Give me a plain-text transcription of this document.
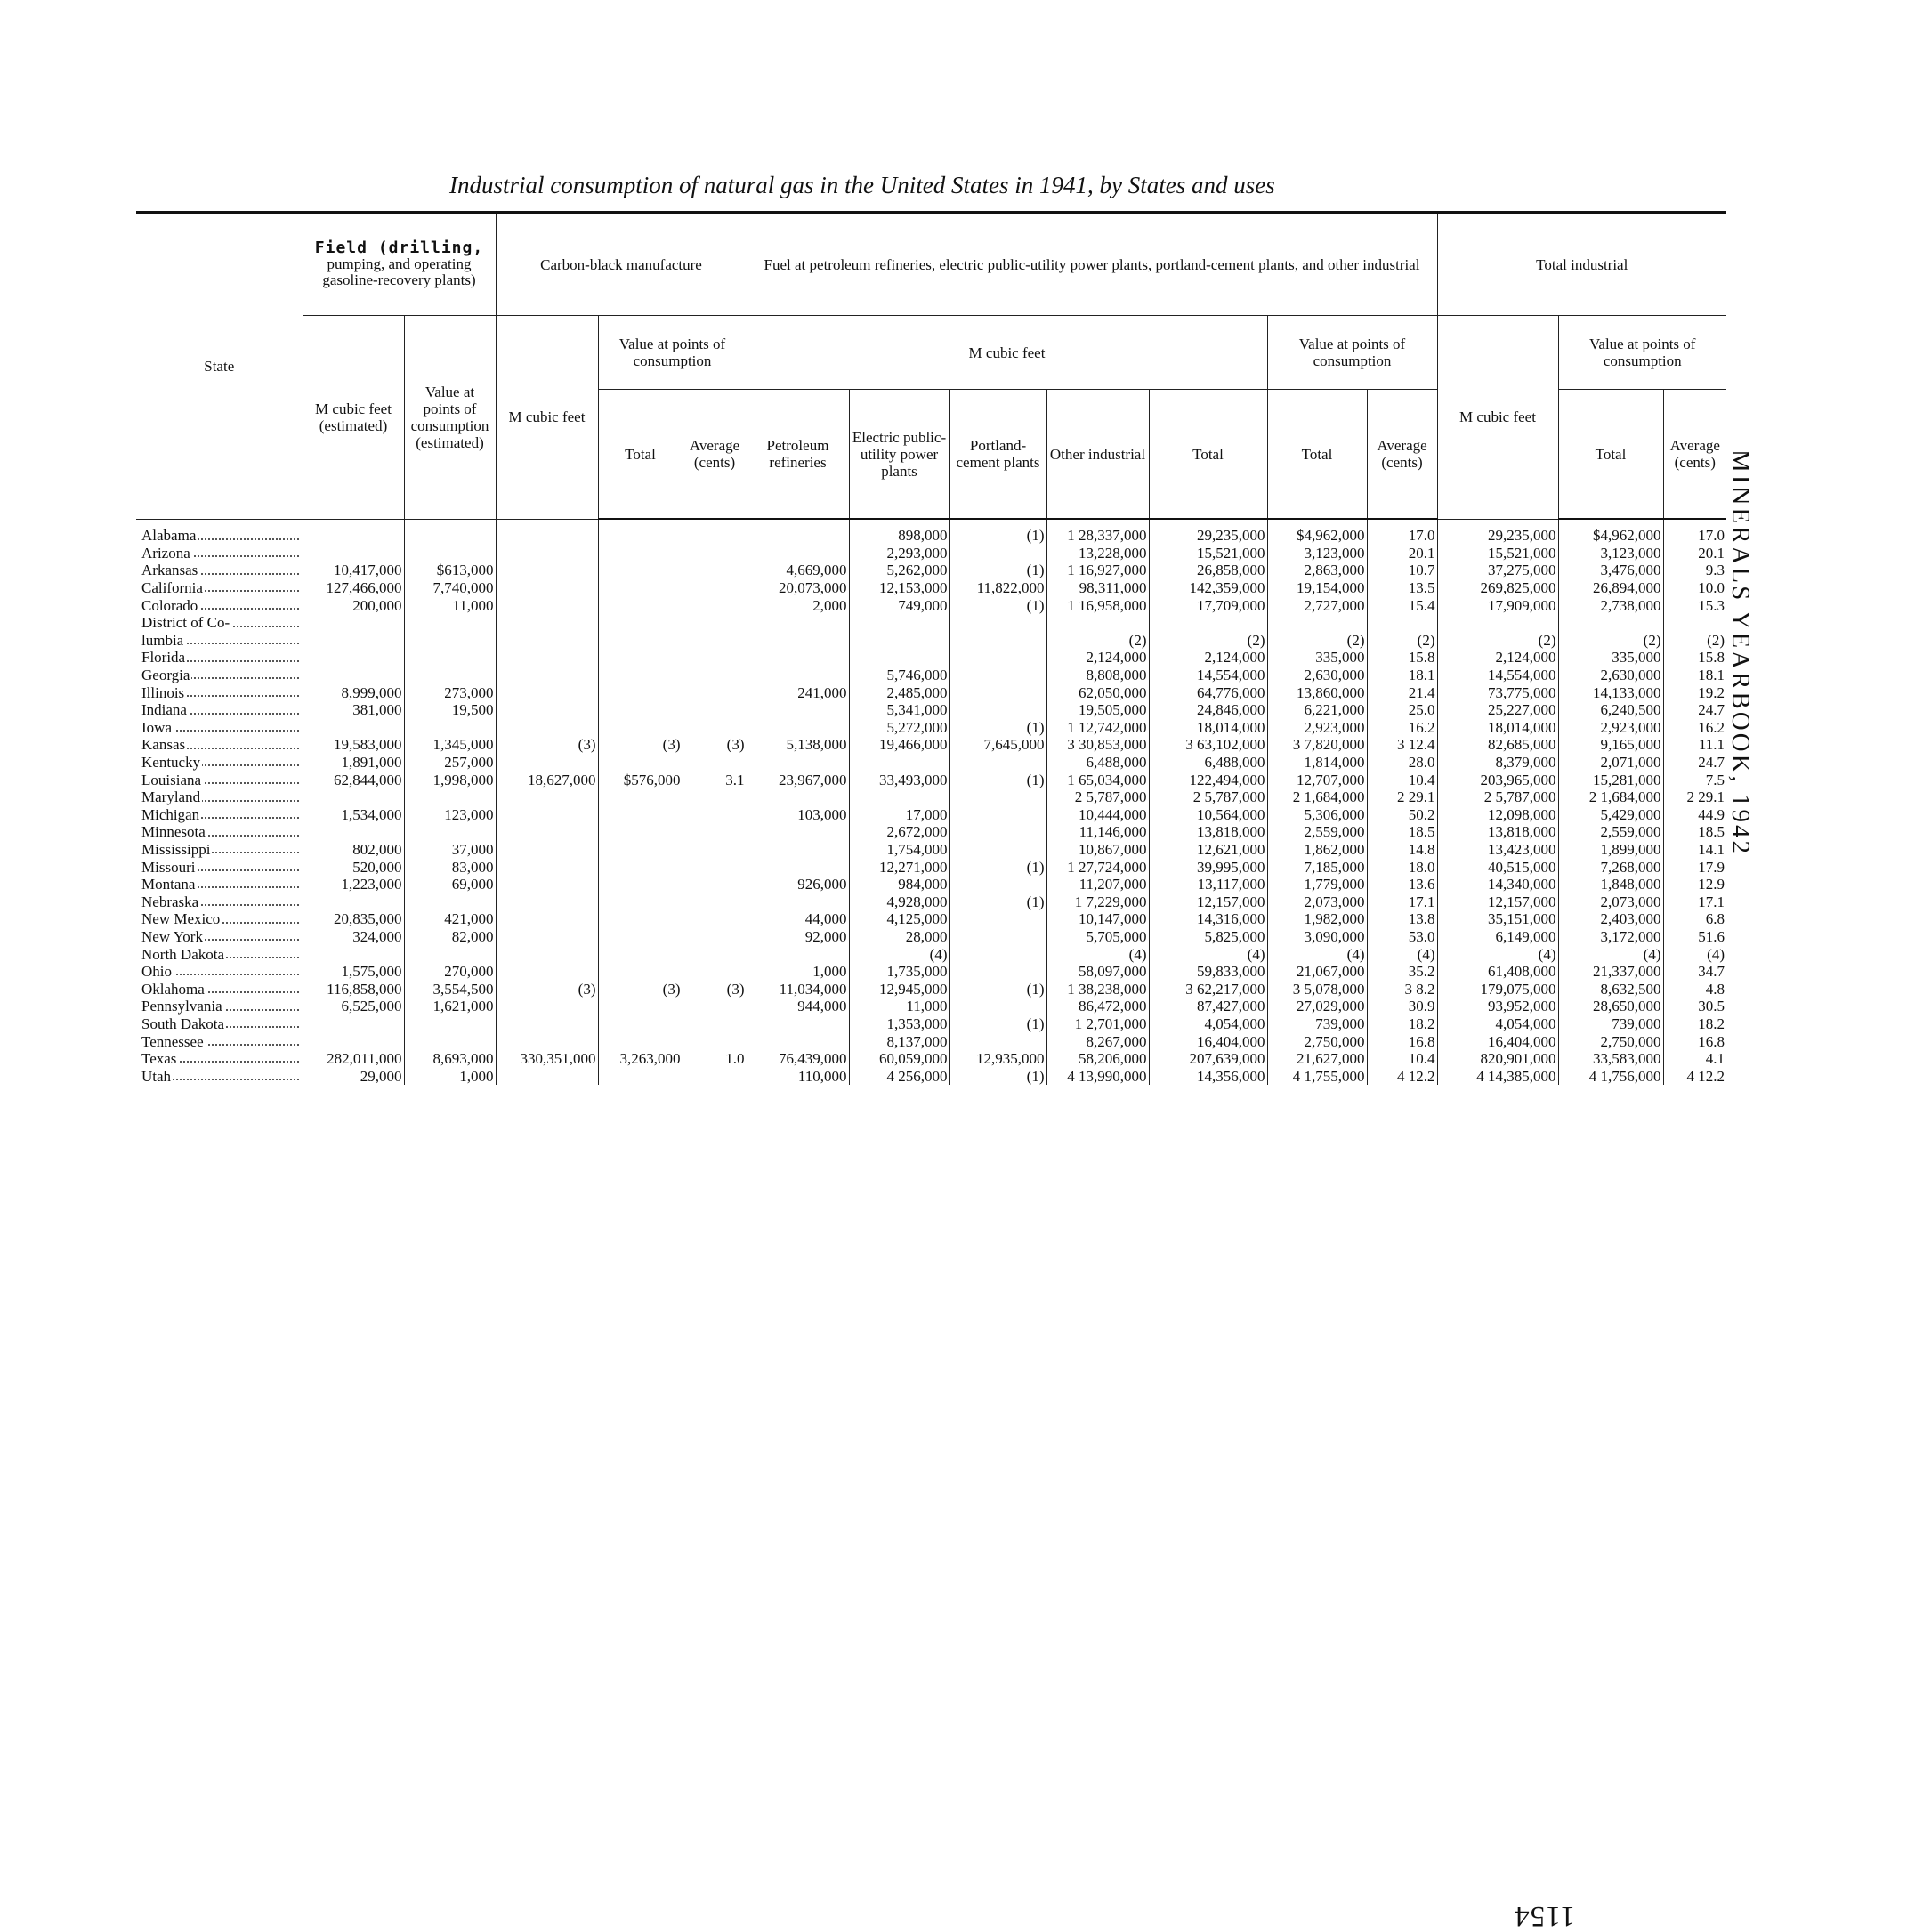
Industrial consumption of natural gas in the United States in 1941, by States and uses
1154
MINERALS YEARBOOK, 1942
State	Field (drilling, pumping, and operating gasoline-recovery plants)		Carbon-black manufacture			Fuel at petroleum refineries, electric public-utility power plants, portland-cement plants, and other industrial							Total industrial		
	M cubic feet (estimated)	Value at points of consumption (estimated)	M cubic feet	Value at points of consumption		M cubic feet					Value at points of consumption		M cubic feet	Value at points of consumption	
				Total	Average (cents)	Petroleum refineries	Electric public-utility power plants	Portland-cement plants	Other industrial	Total	Total	Average (cents)		Total	Average (cents)
Alabama							898,000	(1)	1 28,337,000	29,235,000	$4,962,000	17.0	29,235,000	$4,962,000	17.0
Arizona							2,293,000		13,228,000	15,521,000	3,123,000	20.1	15,521,000	3,123,000	20.1
Arkansas	10,417,000	$613,000				4,669,000	5,262,000	(1)	1 16,927,000	26,858,000	2,863,000	10.7	37,275,000	3,476,000	9.3
California	127,466,000	7,740,000				20,073,000	12,153,000	11,822,000	98,311,000	142,359,000	19,154,000	13.5	269,825,000	26,894,000	10.0
Colorado	200,000	11,000				2,000	749,000	(1)	1 16,958,000	17,709,000	2,727,000	15.4	17,909,000	2,738,000	15.3
District of Co-															
lumbia									(2)	(2)	(2)	(2)	(2)	(2)	(2)
Florida									2,124,000	2,124,000	335,000	15.8	2,124,000	335,000	15.8
Georgia							5,746,000		8,808,000	14,554,000	2,630,000	18.1	14,554,000	2,630,000	18.1
Illinois	8,999,000	273,000				241,000	2,485,000		62,050,000	64,776,000	13,860,000	21.4	73,775,000	14,133,000	19.2
Indiana	381,000	19,500					5,341,000		19,505,000	24,846,000	6,221,000	25.0	25,227,000	6,240,500	24.7
Iowa							5,272,000	(1)	1 12,742,000	18,014,000	2,923,000	16.2	18,014,000	2,923,000	16.2
Kansas	19,583,000	1,345,000	(3)	(3)	(3)	5,138,000	19,466,000	7,645,000	3 30,853,000	3 63,102,000	3 7,820,000	3 12.4	82,685,000	9,165,000	11.1
Kentucky	1,891,000	257,000							6,488,000	6,488,000	1,814,000	28.0	8,379,000	2,071,000	24.7
Louisiana	62,844,000	1,998,000	18,627,000	$576,000	3.1	23,967,000	33,493,000	(1)	1 65,034,000	122,494,000	12,707,000	10.4	203,965,000	15,281,000	7.5
Maryland									2 5,787,000	2 5,787,000	2 1,684,000	2 29.1	2 5,787,000	2 1,684,000	2 29.1
Michigan	1,534,000	123,000				103,000	17,000		10,444,000	10,564,000	5,306,000	50.2	12,098,000	5,429,000	44.9
Minnesota							2,672,000		11,146,000	13,818,000	2,559,000	18.5	13,818,000	2,559,000	18.5
Mississippi	802,000	37,000					1,754,000		10,867,000	12,621,000	1,862,000	14.8	13,423,000	1,899,000	14.1
Missouri	520,000	83,000					12,271,000	(1)	1 27,724,000	39,995,000	7,185,000	18.0	40,515,000	7,268,000	17.9
Montana	1,223,000	69,000				926,000	984,000		11,207,000	13,117,000	1,779,000	13.6	14,340,000	1,848,000	12.9
Nebraska							4,928,000	(1)	1 7,229,000	12,157,000	2,073,000	17.1	12,157,000	2,073,000	17.1
New Mexico	20,835,000	421,000				44,000	4,125,000		10,147,000	14,316,000	1,982,000	13.8	35,151,000	2,403,000	6.8
New York	324,000	82,000				92,000	28,000		5,705,000	5,825,000	3,090,000	53.0	6,149,000	3,172,000	51.6
North Dakota							(4)		(4)	(4)	(4)	(4)	(4)	(4)	(4)
Ohio	1,575,000	270,000				1,000	1,735,000		58,097,000	59,833,000	21,067,000	35.2	61,408,000	21,337,000	34.7
Oklahoma	116,858,000	3,554,500	(3)	(3)	(3)	11,034,000	12,945,000	(1)	1 38,238,000	3 62,217,000	3 5,078,000	3 8.2	179,075,000	8,632,500	4.8
Pennsylvania	6,525,000	1,621,000				944,000	11,000		86,472,000	87,427,000	27,029,000	30.9	93,952,000	28,650,000	30.5
South Dakota							1,353,000	(1)	1 2,701,000	4,054,000	739,000	18.2	4,054,000	739,000	18.2
Tennessee							8,137,000		8,267,000	16,404,000	2,750,000	16.8	16,404,000	2,750,000	16.8
Texas	282,011,000	8,693,000	330,351,000	3,263,000	1.0	76,439,000	60,059,000	12,935,000	58,206,000	207,639,000	21,627,000	10.4	820,901,000	33,583,000	4.1
Utah	29,000	1,000				110,000	4 256,000	(1)	4 13,990,000	14,356,000	4 1,755,000	4 12.2	4 14,385,000	4 1,756,000	4 12.2
